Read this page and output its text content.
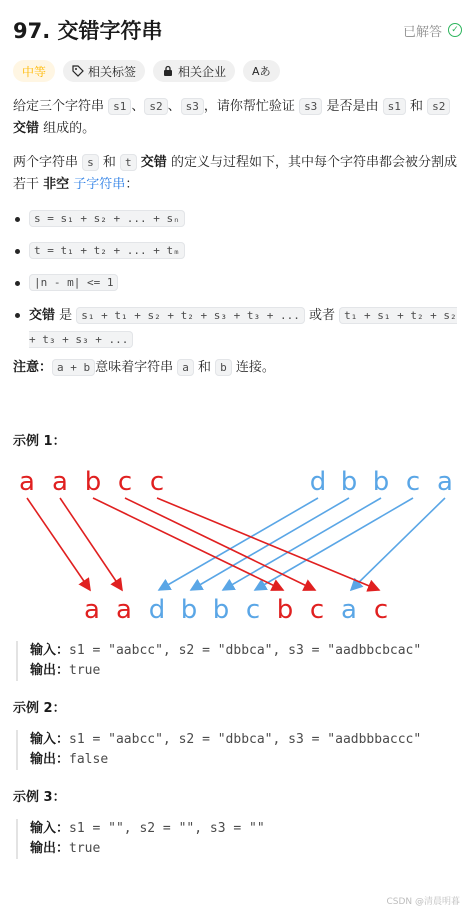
97. 交错字符串	已解答	✓
中等	相关标签	相关企业 Aあ
给定三个字符串 s1 、 s2 、 s3 ，请你帮忙验证 s3 是否是由 s1 和 s2 交错 组成的。
两个字符串 s 和 t 交错 的定义与过程如下，其中每个字符串都会被分割成若干 非空 子字符串：
s = s₁ + s₂ + ... + sₙ
t = t₁ + t₂ + ... + tₘ
|n - m| <= 1
交错 是 s₁ + t₁ + s₂ + t₂ + s₃ + t₃ + ... 或者 t₁ + s₁ + t₂ + s₂ + t₃ + s₃ + ...
注意： a + b 意味着字符串 a 和 b 连接。
示例 1：
a a b c c	d b b c a
a a d b b c b c a c
输入：s1 = "aabcc", s2 = "dbbca", s3 = "aadbbcbcac"
输出：true
示例 2：
输入：s1 = "aabcc", s2 = "dbbca", s3 = "aadbbbaccc"
输出：false
示例 3：
输入：s1 = "", s2 = "", s3 = ""
输出：true
CSDN @清晨明暮
